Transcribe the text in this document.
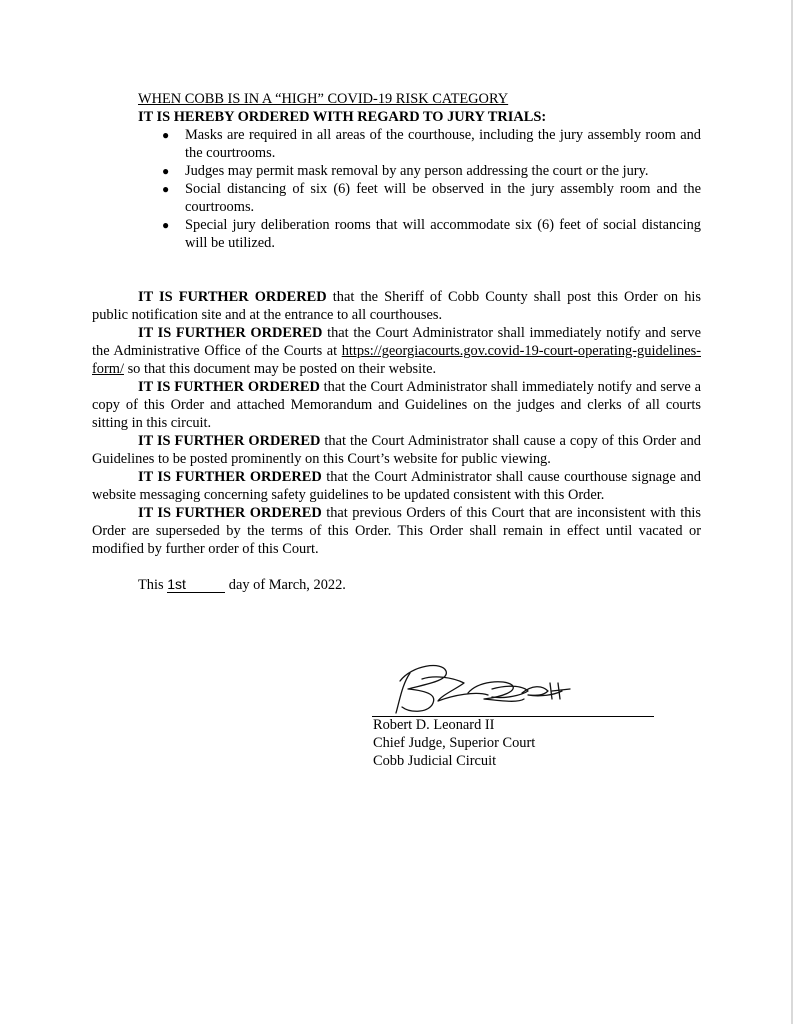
WHEN COBB IS IN A “HIGH” COVID-19 RISK CATEGORY
IT IS HEREBY ORDERED WITH REGARD TO JURY TRIALS:
● Masks are required in all areas of the courthouse, including the jury assembly room and the courtrooms.
● Judges may permit mask removal by any person addressing the court or the jury.
● Social distancing of six (6) feet will be observed in the jury assembly room and the courtrooms.
● Special jury deliberation rooms that will accommodate six (6) feet of social distancing will be utilized.

IT IS FURTHER ORDERED that the Sheriff of Cobb County shall post this Order on his public notification site and at the entrance to all courthouses.

IT IS FURTHER ORDERED that the Court Administrator shall immediately notify and serve the Administrative Office of the Courts at https://georgiacourts.gov.covid-19-court-operating-guidelines-form/ so that this document may be posted on their website.

IT IS FURTHER ORDERED that the Court Administrator shall immediately notify and serve a copy of this Order and attached Memorandum and Guidelines on the judges and clerks of all courts sitting in this circuit.

IT IS FURTHER ORDERED that the Court Administrator shall cause a copy of this Order and Guidelines to be posted prominently on this Court’s website for public viewing.

IT IS FURTHER ORDERED that the Court Administrator shall cause courthouse signage and website messaging concerning safety guidelines to be updated consistent with this Order.

IT IS FURTHER ORDERED that previous Orders of this Court that are inconsistent with this Order are superseded by the terms of this Order. This Order shall remain in effect until vacated or modified by further order of this Court.

This 1st	day of March, 2022.
Robert D. Leonard II
Chief Judge, Superior Court
Cobb Judicial Circuit
